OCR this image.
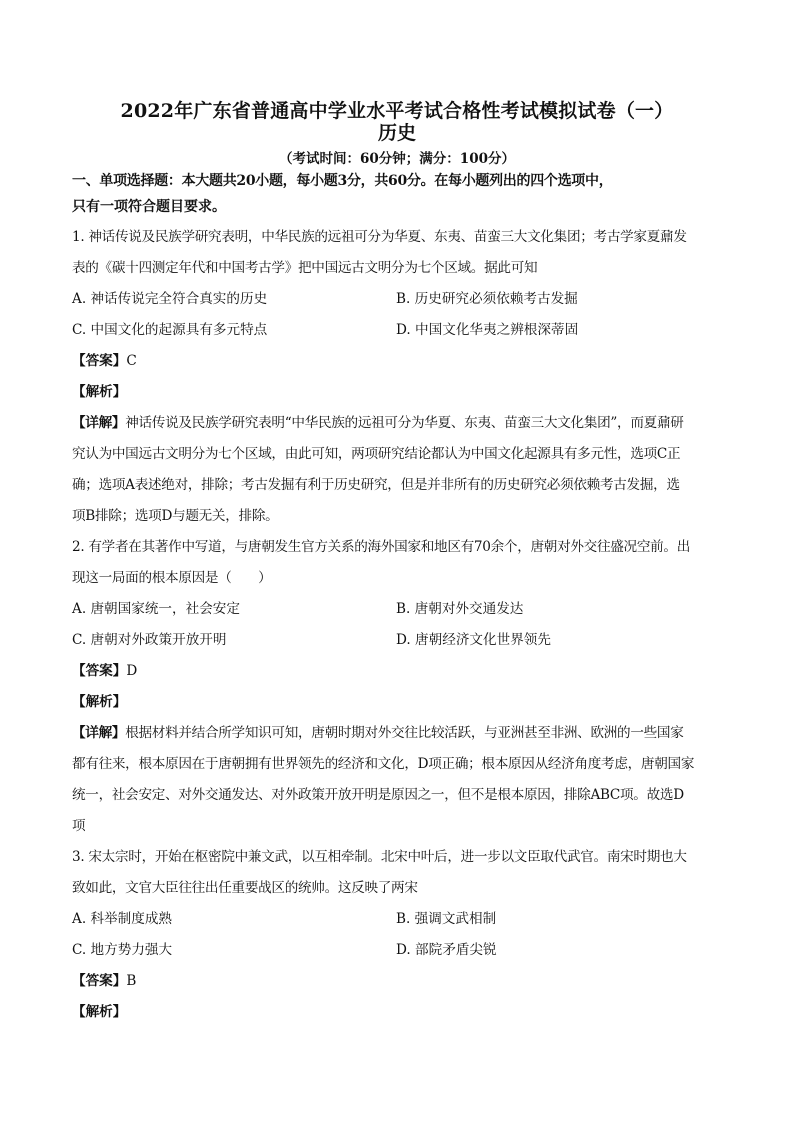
2022年广东省普通高中学业水平考试合格性考试模拟试卷（一）
历史
（考试时间：60分钟；满分：100分）
一、单项选择题：本大题共20小题，每小题3分，共60分。在每小题列出的四个选项中，
只有一项符合题目要求。
1. 神话传说及民族学研究表明，中华民族的远祖可分为华夏、东夷、苗蛮三大文化集团；考古学家夏鼐发
表的《碳十四测定年代和中国考古学》把中国远古文明分为七个区域。据此可知
A. 神话传说完全符合真实的历史	B. 历史研究必须依赖考古发掘
C. 中国文化的起源具有多元特点	D. 中国文化华夷之辨根深蒂固
【答案】C
【解析】
【详解】神话传说及民族学研究表明“中华民族的远祖可分为华夏、东夷、苗蛮三大文化集团”，而夏鼐研
究认为中国远古文明分为七个区域，由此可知，两项研究结论都认为中国文化起源具有多元性，选项C正
确；选项A表述绝对，排除；考古发掘有利于历史研究，但是并非所有的历史研究必须依赖考古发掘，选
项B排除；选项D与题无关，排除。
2. 有学者在其著作中写道，与唐朝发生官方关系的海外国家和地区有70余个，唐朝对外交往盛况空前。出
现这一局面的根本原因是（　　）
A. 唐朝国家统一，社会安定	B. 唐朝对外交通发达
C. 唐朝对外政策开放开明	D. 唐朝经济文化世界领先
【答案】D
【解析】
【详解】根据材料并结合所学知识可知，唐朝时期对外交往比较活跃，与亚洲甚至非洲、欧洲的一些国家
都有往来，根本原因在于唐朝拥有世界领先的经济和文化，D项正确；根本原因从经济角度考虑，唐朝国家
统一，社会安定、对外交通发达、对外政策开放开明是原因之一，但不是根本原因，排除ABC项。故选D
项
3. 宋太宗时，开始在枢密院中兼文武，以互相牵制。北宋中叶后，进一步以文臣取代武官。南宋时期也大
致如此，文官大臣往往出任重要战区的统帅。这反映了两宋
A. 科举制度成熟	B. 强调文武相制
C. 地方势力强大	D. 部院矛盾尖锐
【答案】B
【解析】
